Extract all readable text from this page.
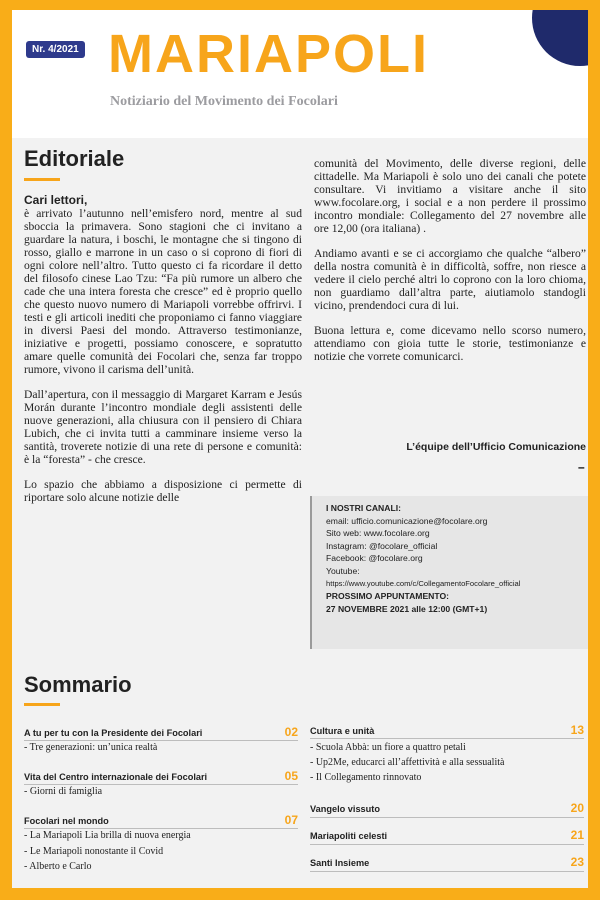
Nr. 4/2021 MARIAPOLI
Notiziario del Movimento dei Focolari
Editoriale
Cari lettori,

è arrivato l’autunno nell’emisfero nord, mentre al sud sboccia la primavera. Sono stagioni che ci invitano a guardare la natura, i boschi, le montagne che si tingono di rosso, giallo e marrone in un caso o si coprono di fiori di ogni colore nell’altro. Tutto questo ci fa ricordare il detto del filosofo cinese Lao Tzu: “Fa più rumore un albero che cade che una intera foresta che cresce” ed è proprio quello che questo nuovo numero di Mariapoli vorrebbe offrirvi. I testi e gli articoli inediti che proponiamo ci fanno viaggiare in diversi Paesi del mondo. Attraverso testimonianze, iniziative e progetti, possiamo conoscere, e sopratutto amare quelle comunità dei Focolari che, senza far troppo rumore, vivono il carisma dell’unità.

Dall’apertura, con il messaggio di Margaret Karram e Jesús Morán durante l’incontro mondiale degli assistenti delle nuove generazioni, alla chiusura con il pensiero di Chiara Lubich, che ci invita tutti a camminare insieme verso la santità, troverete notizie di una rete di persone e comunità: è la “foresta” - che cresce.

Lo spazio che abbiamo a disposizione ci permette di riportare solo alcune notizie delle

comunità del Movimento, delle diverse regioni, delle cittadelle. Ma Mariapoli è solo uno dei canali che potete consultare. Vi invitiamo a visitare anche il sito www.focolare.org, i social e a non perdere il prossimo incontro mondiale: Collegamento del 27 novembre alle ore 12,00 (ora italiana) .

Andiamo avanti e se ci accorgiamo che qualche “albero” della nostra comunità è in difficoltà, soffre, non riesce a vedere il cielo perché altri lo coprono con la loro chioma, non guardiamo dall’altra parte, aiutiamolo standogli vicino, prendendoci cura di lui.

Buona lettura e, come dicevamo nello scorso numero, attendiamo con gioia tutte le storie, testimonianze e notizie che vorrete comunicarci.

L’équipe dell’Ufficio Comunicazione
–
I NOSTRI CANALI:
email: ufficio.comunicazione@focolare.org
Sito web: www.focolare.org
Instagram: @focolare_official
Facebook: @focolare.org
Youtube:
https://www.youtube.com/c/CollegamentoFocolare_official
PROSSIMO APPUNTAMENTO:
27 NOVEMBRE 2021 alle 12:00 (GMT+1)
Sommario
A tu per tu con la Presidente dei Focolari	02
- Tre generazioni: un’unica realtà
Vita del Centro internazionale dei Focolari	05
- Giorni di famiglia
Focolari nel mondo	07
- La Mariapoli Lia brilla di nuova energia
- Le Mariapoli nonostante il Covid
- Alberto e Carlo
Cultura e unità	13
- Scuola Abbà: un fiore a quattro petali
- Up2Me, educarci all’affettività e alla sessualità
- Il Collegamento rinnovato
Vangelo vissuto	20
Mariapoliti celesti	21
Santi Insieme	23
